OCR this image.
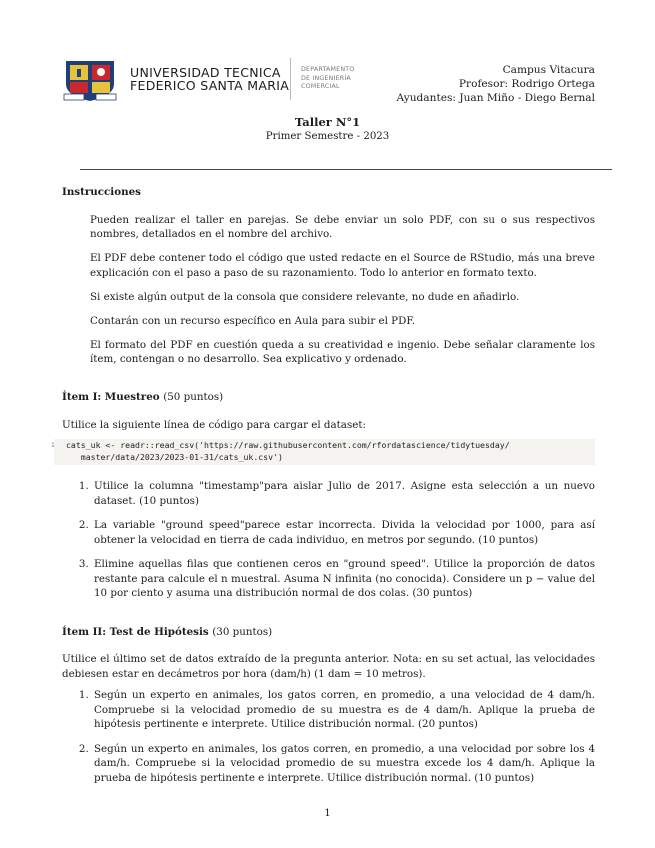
UNIVERSIDAD TECNICA
FEDERICO SANTA MARIA
DEPARTAMENTO
DE INGENIERÍA
COMERCIAL
Campus Vitacura
Profesor: Rodrigo Ortega
Ayudantes: Juan Miño - Diego Bernal
Taller N°1
Primer Semestre - 2023
Instrucciones

Pueden realizar el taller en parejas. Se debe enviar un solo PDF, con su o sus respectivos nombres, detallados en el nombre del archivo.

El PDF debe contener todo el código que usted redacte en el Source de RStudio, más una breve explicación con el paso a paso de su razonamiento. Todo lo anterior en formato texto.

Si existe algún output de la consola que considere relevante, no dude en añadirlo.

Contarán con un recurso específico en Aula para subir el PDF.

El formato del PDF en cuestión queda a su creatividad e ingenio. Debe señalar claramente los ítem, contengan o no desarrollo. Sea explicativo y ordenado.

Ítem I: Muestreo (50 puntos)

Utilice la siguiente línea de código para cargar el dataset:

1 cats_uk <- readr::read_csv('https://raw.githubusercontent.com/rfordatascience/tidytuesday/
master/data/2023/2023-01-31/cats_uk.csv')
1. Utilice la columna "timestamp"para aislar Julio de 2017. Asigne esta selección a un nuevo dataset. (10 puntos)
2. La variable "ground speed"parece estar incorrecta. Divida la velocidad por 1000, para así obtener la velocidad en tierra de cada individuo, en metros por segundo. (10 puntos)
3. Elimine aquellas filas que contienen ceros en "ground speed". Utilice la proporción de datos restante para calcule el n muestral. Asuma N infinita (no conocida). Considere un p − value del 10 por ciento y asuma una distribución normal de dos colas. (30 puntos)
Ítem II: Test de Hipótesis (30 puntos)

Utilice el último set de datos extraído de la pregunta anterior. Nota: en su set actual, las velocidades debiesen estar en decámetros por hora (dam/h) (1 dam = 10 metros).

1. Según un experto en animales, los gatos corren, en promedio, a una velocidad de 4 dam/h. Compruebe si la velocidad promedio de su muestra es de 4 dam/h. Aplique la prueba de hipótesis pertinente e interprete. Utilice distribución normal. (20 puntos)
2. Según un experto en animales, los gatos corren, en promedio, a una velocidad por sobre los 4 dam/h. Compruebe si la velocidad promedio de su muestra excede los 4 dam/h. Aplique la prueba de hipótesis pertinente e interprete. Utilice distribución normal. (10 puntos)
1
